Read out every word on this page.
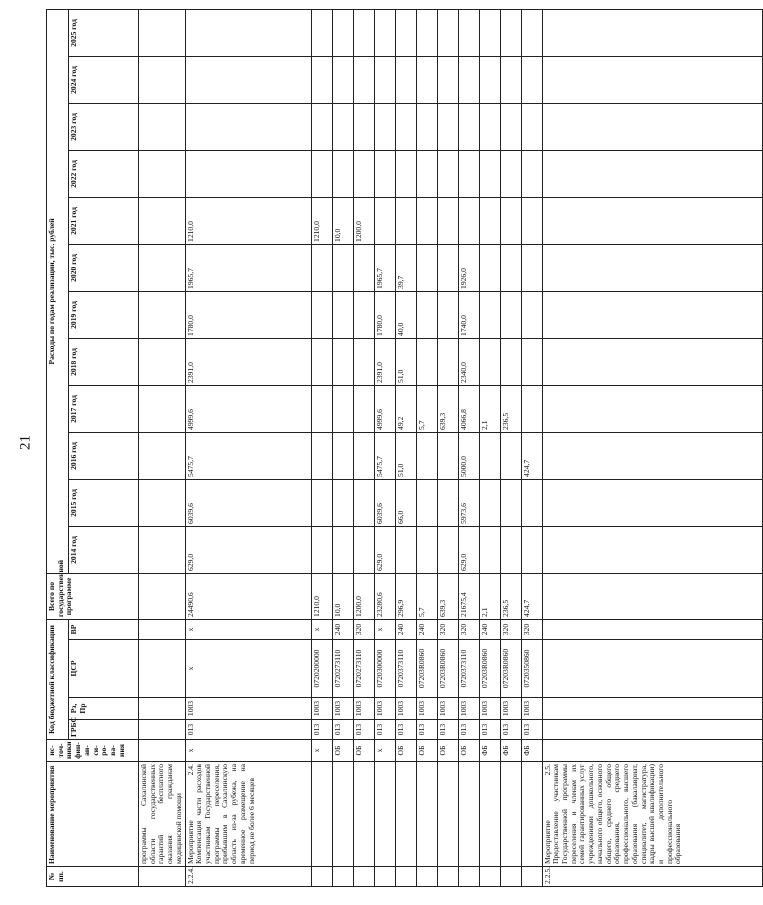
21
№ пп.	Наименование мероприятия	ис-точ-ники фин-ан-си-ро-ва-ния	Код бюджетной классификации				Всего по государственной программе	Расходы по годам реализации, тыс. рублей											
			ГРБС	Рз, Пр	ЦСР	ВР		2014 год	2015 год	2016 год	2017 год	2018 год	2019 год	2020 год	2021 год	2022 год	2023 год	2024 год	2025 год
	программы Сахалинской области государственных гарантий бесплатного оказания гражданам медицинской помощи																		
2.2.4.	Мероприятие 2.4. Компенсация части расходов участникам Государственной программы переселения, прибывшим в Сахалинскую область из-за рубежа, на временное размещение на период не более 6 месяцев	х	013	1003	х	х	24490,6	629,0	6039,6	5475,7	4999,6	2391,0	1780,0	1965,7	1210,0				
		х	013	1003	0720200000	х	1210,0								1210,0				
		ОБ	013	1003	0720273110	240	10,0								10,0				
		ОБ	013	1003	0720273110	320	1200,0								1200,0				
		х	013	1003	0720300000	х	23280,6	629,0	6039,6	5475,7	4999,6	2391,0	1780,0	1965,7					
		ОБ	013	1003	0720373110	240	296,9		66,0	51,0	49,2	51,0	40,0	39,7					
		ОБ	013	1003	07203R0860	240	5,7				5,7								
		ОБ	013	1003	07203R0860	320	639,3				639,3								
		ОБ	013	1003	0720373110	320	21675,4	629,0	5973,6	5000,0	4066,8	2340,0	1740,0	1926,0					
		ФБ	013	1003	07203R0860	240	2,1				2,1								
		ФБ	013	1003	07203R0860	320	236,5				236,5								
		ФБ	013	1003	0720350860	320	424,7			424,7									
2.2.5.	Мероприятие 2.5. Предоставление участникам Государственной программы переселения и членам их семей гарантированных услуг учреждениями дошкольного, начального общего, основного общего, среднего общего образования, среднего профессионального, высшего образования (бакалавриат, специалитет, магистратура, кадры высшей квалификации) и дополнительного профессионального образования																		
